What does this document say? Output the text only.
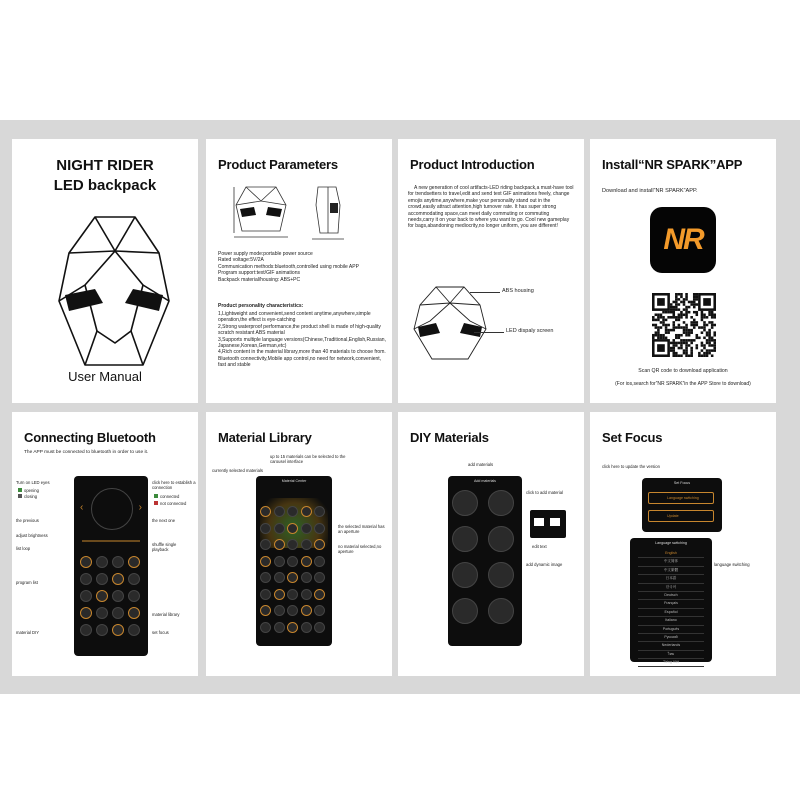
NIGHT RIDER
LED backpack
User Manual
Product Parameters
Power supply mode:portable power source
Rated voltage:5V/2A
Communication methods:bluetooth,controlled using mobile APP
Program support:text/GIF animations
Backpack material/housing: ABS+PC
Product personality characteristics:
1,Lightweight and convenient,send content anytime,anywhere,simple operation,the effect is eye-catching
2,Strong waterproof performance,the product shell is made of high-quality scratch resistant ABS material
3,Supports multiple language versions(Chinese,Traditional,English,Russian, Japanese,Korean,German,etc)
4,Rich content in the material library,more than 40 materials to choose from. Bluetooth connectivity,Mobile app control,no need for network,convenient, fast and stable
Product Introduction
A new generation of cool artifacts-LED riding backpack,a must-have tool for trendsetters to travel,edit and send text GIF animations freely, change emojis anytime,anywhere,make your personality stand out in the crowd,easily attract attention,high turnover rate. It has super strong accommodating space,can meet daily commuting or commuting needs,carry it on your back to where you want to go. Cool new gameplay for bags,abandoning mediocrity,no longer uniform, you are different!
ABS housing
LED dispaly screen
Install“NR SPARK”APP
Download and install“NR SPARK”APP.
NR
Scan QR code to download application
(For ios,search for“NR SPARK”in the APP Store to download)
Connecting Bluetooth
The APP must be connected to bluetooth in order to use it.
‹	›
Turn on LED eyes
opening
closing
the previous
adjust brightness
list loop
program list
material DIY
click here to establish a connection
connected
not connected
the next one
shuffle single playback
material library
set focus
Material Library
up to 15 materials can be selected to the carousel interface
currently selected materials
Material Center
the selected material has an aperture
no material selected,no aperture
DIY Materials
add materials
Add materials
click to add material
edit text
add dynamic image
Set Focus
click here to update the version
Set Focus
Language switching
Update
Language switching
English
中文简体
中文繁體
日本語
한국어
Deutsch
Français
Español
Italiano
Português
Русский
Nederlands
ไทย
Tiếng Việt
language switching
